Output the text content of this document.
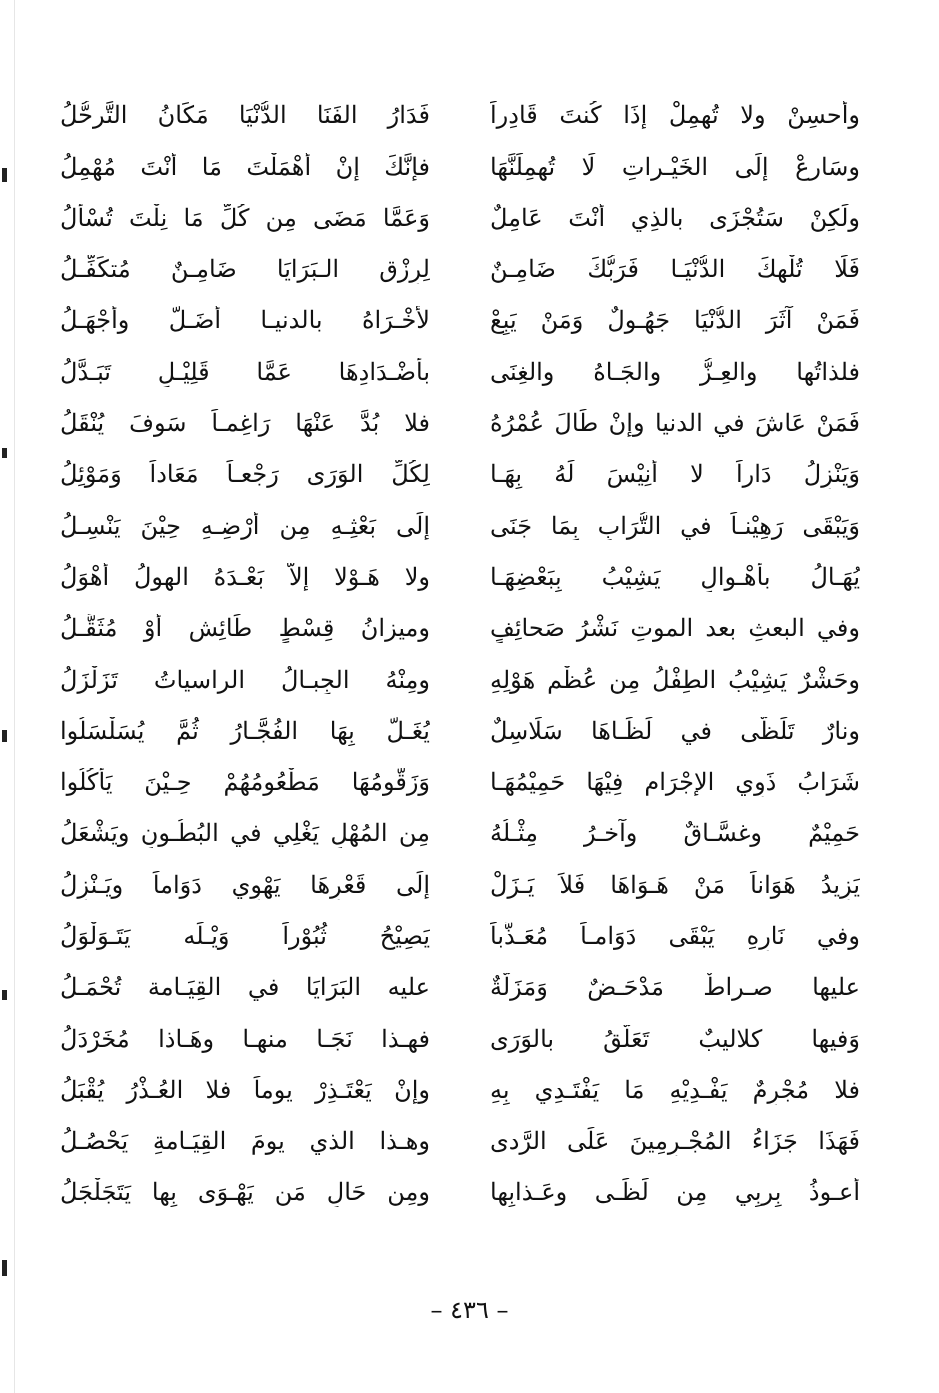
وأحسِنْ ولا تُهمِلْ إذَا كُنتَ قَادِراً
فَدَارُ الفَنَا الدُّنْيَا مَكَانُ التَّرحُّلُ
وسَارِعْ إلَى الخَيْـراتِ لَا تُهمِلَنَّهَا
فإنَّكَ إنْ أهْمَلْتَ مَا أنْتَ مُهْمِلُ
ولَكِنْ سَتُجْزَى بالذِي أنْتَ عَامِلٌ
وَعَمَّا مَضَى مِن كُلِّ مَا نِلْتَ تُسْأَلُ
فَلَا تُلْهِكَ الدُّنْيَـا فَرَبُّكَ ضَامِـنٌ
لِرِزْقِ الـبَرَايَا ضَامِـنٌ مُتكَفِّـلُ
فَمَنْ آثَرَ الدُّنْيَا جَهُـولٌ وَمَنْ يَبِعْ
لأُخْـرَاهُ بالدنيـا أضَـلُّ وأجْهَـلُ
فلذاتُها والعِـزُّ والجَـاهُ والغِنَى
بأضْـدَادِهَا عَمَّا قَلِيْـلٍ تَبَـدَّلُ
فَمَنْ عَاشَ في الدنيا وإنْ طَالَ عُمْرُهُ
فلا بُدَّ عَنْهَا رَاغِمـاً سَوفَ يُنْقَلُ
وَيَنْزِلُ دَاراً لا أَنِيْسَ لَهُ بِهَـا
لِكُلِّ الوَرَى رَجْعـاً مَعَاداً وَمَوْئِلُ
وَيَبْقَى رَهِيْنـاً في التُّرَابِ بِمَا جَنَى
إلَى بَعْثِـهِ مِن أرْضِـهِ حِيْنَ يَنْسِـلُ
يُهَـالُ بأهْـوالٍ يَشِيْبُ بِبَعْضِهَـا
ولا هَـوْلا إلاَّ بَعْـدَهُ الهولُ أهْوَلُ
وفي البعثِ بعد الموتِ نَشْرُ صَحائِفٍ
وميزانُ قِسْطٍ طَائِشٍ أوْ مُثَقَّـلُ
وحَشْرٌ يَشِيْبُ الطِفْلُ مِن عُظْمِ هَوْلِهِ
ومِنْهُ الجِبـالُ الراسياتُ تَزَلْزَلُ
ونارٌ تَلَظَّى في لَظَـاهَا سَلَاسِلٌ
يُغَـلُّ بِهَا الفُجَّـارُ ثُمَّ يُسَلْسَلُوا
شَرَابُ ذَوِي الإجْرَامِ فِيْهَا حَمِيْمُهَـا
وَزَقُّومُهَا مَطْعُومُهُمْ حِـيْنَ يَأْكُلُوا
حَمِيْمٌ وغسَّـاقٌ وآخـرُ مِثْـلُهُ
مِن المُهْلِ يَغْلِي في البُطُـونِ ويَشْعَلُ
يَزِيدُ هَوَاناً مَنْ هَـوَاهَا فَلاَ يَـزَلْ
إلَى قَعْرِهَا يَهْوِي دَوَاماً ويَـنْزِلُ
وفي نَارِهِ يَبْقَى دَوَامـاً مُعَـذَّباً
يَصِيْحُ ثُبُوْراً وَيْـلَه يَتَـوَلْوَلُ
عليها صـراطٌ مَدْحَـضٌ وَمَزَلَّةٌ
عليه البَرَايَا في القِيَـامة تُحْمَـلُ
وَفيها كلاليبٌ تَعَلَّقُ بالوَرَى
فهـذا نَجَـا منهـا وهَـاذا مُخَرْدَلُ
فلا مُجْرِمٌ يَفْـدِيْهِ مَا يَفْتَـدِي بِهِ
وإنْ يَعْتَـذِرْ يوماً فلا العُـذْرُ يُقْبَلُ
فَهَذَا جَزَاءُ المُجْـرِمِينَ عَلَى الرَّدى
وهـذا الذي يومَ القِيَـامةِ يَحْصُـلُ
أعـوذُ بِربِي مِن لَظَـى وعَـذابِها
ومِن حَالِ مَن يَهْـوَى بِها يَتَجَلْجَلُ
– ٤٣٦ –
